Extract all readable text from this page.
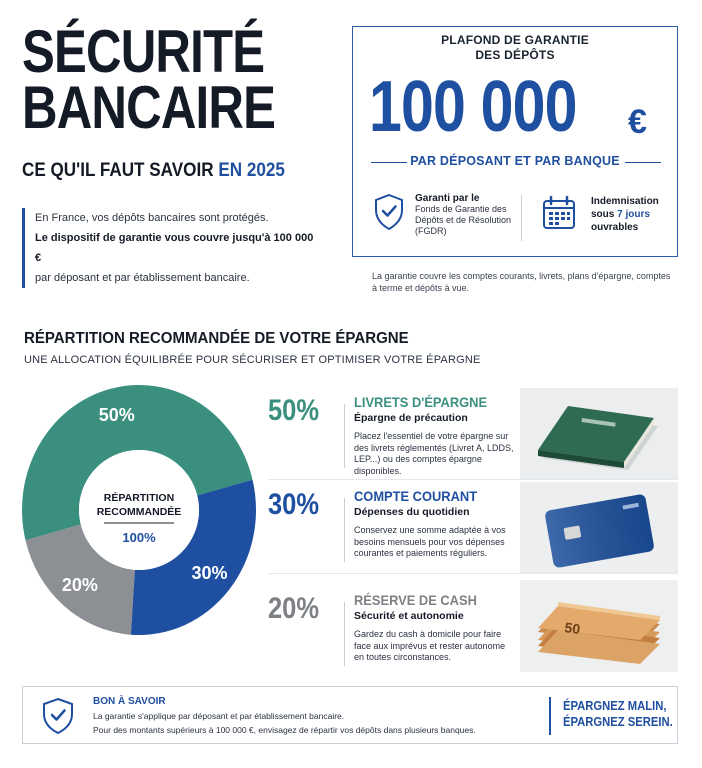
SÉCURITÉ BANCAIRE
CE QU'IL FAUT SAVOIR EN 2025
En France, vos dépôts bancaires sont protégés.
Le dispositif de garantie vous couvre jusqu'à 100 000 €
par déposant et par établissement bancaire.
PLAFOND DE GARANTIE
DES DÉPÔTS
100 000	€
PAR DÉPOSANT ET PAR BANQUE
Garanti par le
Fonds de Garantie des Dépôts et de Résolution (FGDR)
Indemnisation sous 7 jours ouvrables
La garantie couvre les comptes courants, livrets, plans d'épargne, comptes à terme et dépôts à vue.
RÉPARTITION RECOMMANDÉE DE VOTRE ÉPARGNE
UNE ALLOCATION ÉQUILIBRÉE POUR SÉCURISER ET OPTIMISER VOTRE ÉPARGNE
RÉPARTITION
RECOMMANDÉE
100%
50%
30%
20%
50% LIVRETS D'ÉPARGNE
Épargne de précaution
Placez l'essentiel de votre épargne sur des livrets réglementés (Livret A, LDDS, LEP...) ou des comptes épargne disponibles.
30% COMPTE COURANT
Dépenses du quotidien
Conservez une somme adaptée à vos besoins mensuels pour vos dépenses courantes et paiements réguliers.
20% RÉSERVE DE CASH
Sécurité et autonomie
Gardez du cash à domicile pour faire face aux imprévus et rester autonome en toutes circonstances.
50
BON À SAVOIR
La garantie s'applique par déposant et par établissement bancaire.
Pour des montants supérieurs à 100 000 €, envisagez de répartir vos dépôts dans plusieurs banques.
ÉPARGNEZ MALIN,
ÉPARGNEZ SEREIN.
